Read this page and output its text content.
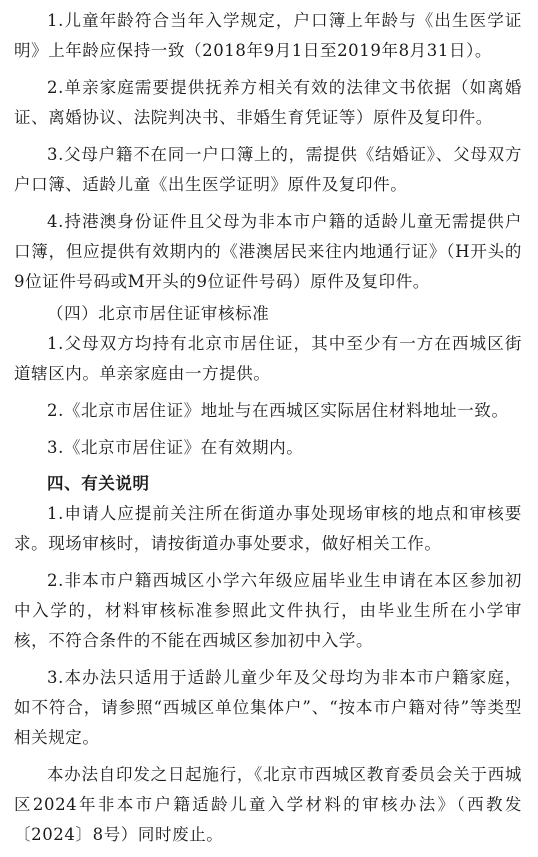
1.儿童年龄符合当年入学规定，户口簿上年龄与《出生医学证明》上年龄应保持一致（2018年9月1日至2019年8月31日）。

2.单亲家庭需要提供抚养方相关有效的法律文书依据（如离婚证、离婚协议、法院判决书、非婚生育凭证等）原件及复印件。

3.父母户籍不在同一户口簿上的，需提供《结婚证》、父母双方户口簿、适龄儿童《出生医学证明》原件及复印件。

4.持港澳身份证件且父母为非本市户籍的适龄儿童无需提供户口簿，但应提供有效期内的《港澳居民来往内地通行证》（H开头的9位证件号码或M开头的9位证件号码）原件及复印件。

（四）北京市居住证审核标准

1.父母双方均持有北京市居住证，其中至少有一方在西城区街道辖区内。单亲家庭由一方提供。

2.《北京市居住证》地址与在西城区实际居住材料地址一致。

3.《北京市居住证》在有效期内。

四、有关说明

1.申请人应提前关注所在街道办事处现场审核的地点和审核要求。现场审核时，请按街道办事处要求，做好相关工作。

2.非本市户籍西城区小学六年级应届毕业生申请在本区参加初中入学的，材料审核标准参照此文件执行，由毕业生所在小学审核，不符合条件的不能在西城区参加初中入学。

3.本办法只适用于适龄儿童少年及父母均为非本市户籍家庭，如不符合，请参照“西城区单位集体户”、“按本市户籍对待”等类型相关规定。

本办法自印发之日起施行，《北京市西城区教育委员会关于西城区2024年非本市户籍适龄儿童入学材料的审核办法》（西教发〔2024〕8号）同时废止。
